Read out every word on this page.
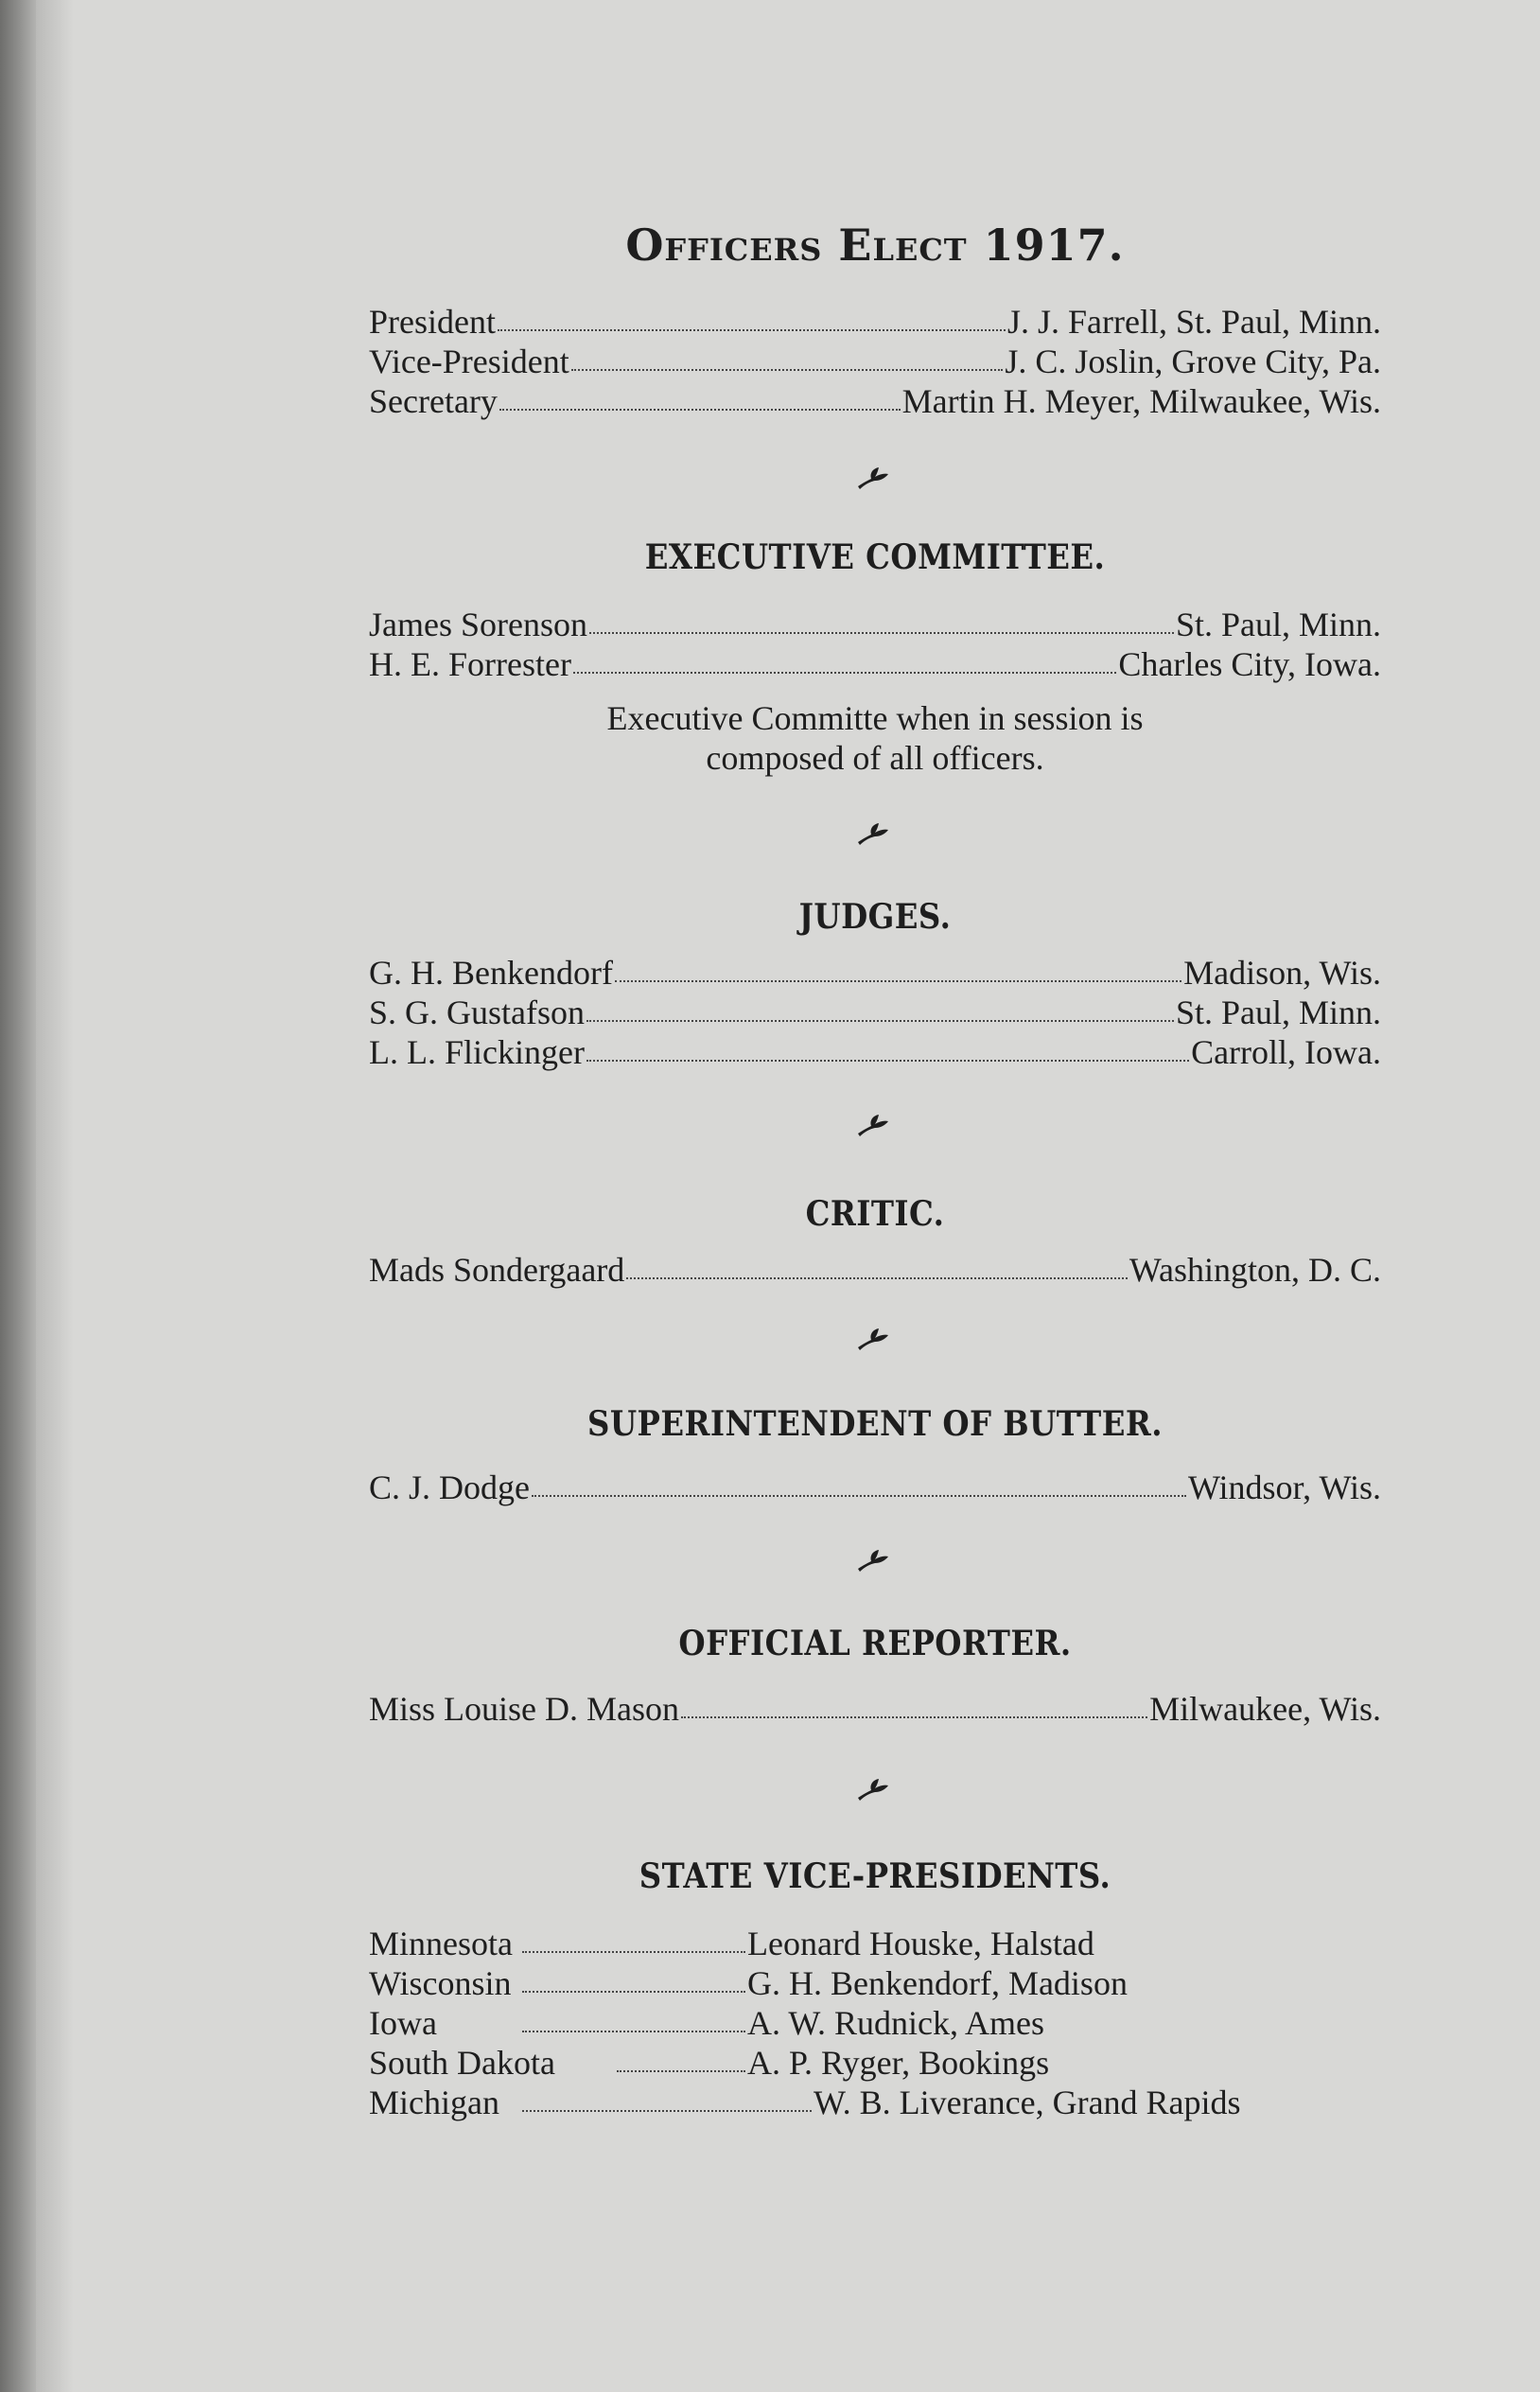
Officers Elect 1917.
President	J. J. Farrell, St. Paul, Minn.
Vice-President	J. C. Joslin, Grove City, Pa.
Secretary	Martin H. Meyer, Milwaukee, Wis.
EXECUTIVE COMMITTEE.
James Sorenson	St. Paul, Minn.
H. E. Forrester	Charles City, Iowa.
Executive Committe when in session is
composed of all officers.
JUDGES.
G. H. Benkendorf	Madison, Wis.
S. G. Gustafson	St. Paul, Minn.
L. L. Flickinger	Carroll, Iowa.
CRITIC.
Mads Sondergaard	Washington, D. C.
SUPERINTENDENT OF BUTTER.
C. J. Dodge	Windsor, Wis.
OFFICIAL REPORTER.
Miss Louise D. Mason	Milwaukee, Wis.
STATE VICE-PRESIDENTS.
Minnesota	Leonard Houske, Halstad
Wisconsin	G. H. Benkendorf, Madison
Iowa	A. W. Rudnick, Ames
South Dakota	A. P. Ryger, Bookings
Michigan	W. B. Liverance, Grand Rapids
